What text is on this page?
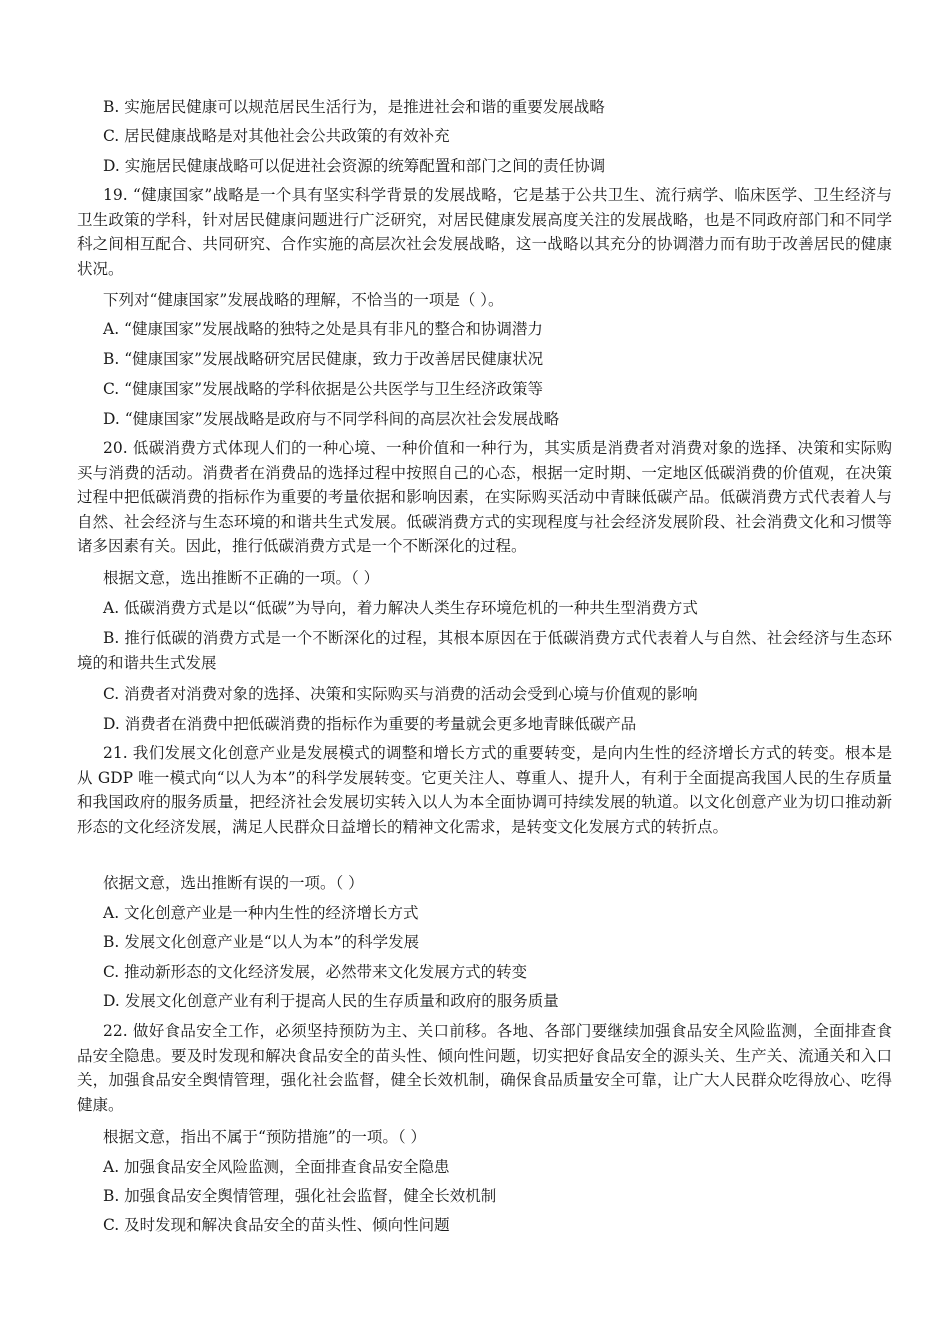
B. 实施居民健康可以规范居民生活行为，是推进社会和谐的重要发展战略
C. 居民健康战略是对其他社会公共政策的有效补充
D. 实施居民健康战略可以促进社会资源的统筹配置和部门之间的责任协调
19. “健康国家”战略是一个具有坚实科学背景的发展战略，它是基于公共卫生、流行病学、临床医学、卫生经济与卫生政策的学科，针对居民健康问题进行广泛研究，对居民健康发展高度关注的发展战略，也是不同政府部门和不同学科之间相互配合、共同研究、合作实施的高层次社会发展战略，这一战略以其充分的协调潜力而有助于改善居民的健康状况。
下列对“健康国家”发展战略的理解，不恰当的一项是（ ）。
A. “健康国家”发展战略的独特之处是具有非凡的整合和协调潜力
B. “健康国家”发展战略研究居民健康，致力于改善居民健康状况
C. “健康国家”发展战略的学科依据是公共医学与卫生经济政策等
D. “健康国家”发展战略是政府与不同学科间的高层次社会发展战略
20. 低碳消费方式体现人们的一种心境、一种价值和一种行为，其实质是消费者对消费对象的选择、决策和实际购买与消费的活动。消费者在消费品的选择过程中按照自己的心态，根据一定时期、一定地区低碳消费的价值观，在决策过程中把低碳消费的指标作为重要的考量依据和影响因素，在实际购买活动中青睐低碳产品。低碳消费方式代表着人与自然、社会经济与生态环境的和谐共生式发展。低碳消费方式的实现程度与社会经济发展阶段、社会消费文化和习惯等诸多因素有关。因此，推行低碳消费方式是一个不断深化的过程。
根据文意，选出推断不正确的一项。（ ）
A. 低碳消费方式是以“低碳”为导向，着力解决人类生存环境危机的一种共生型消费方式
B. 推行低碳的消费方式是一个不断深化的过程，其根本原因在于低碳消费方式代表着人与自然、社会经济与生态环境的和谐共生式发展
C. 消费者对消费对象的选择、决策和实际购买与消费的活动会受到心境与价值观的影响
D. 消费者在消费中把低碳消费的指标作为重要的考量就会更多地青睐低碳产品
21. 我们发展文化创意产业是发展模式的调整和增长方式的重要转变，是向内生性的经济增长方式的转变。根本是从 GDP 唯一模式向“以人为本”的科学发展转变。它更关注人、尊重人、提升人，有利于全面提高我国人民的生存质量和我国政府的服务质量，把经济社会发展切实转入以人为本全面协调可持续发展的轨道。以文化创意产业为切口推动新形态的文化经济发展，满足人民群众日益增长的精神文化需求，是转变文化发展方式的转折点。
依据文意，选出推断有误的一项。（ ）
A. 文化创意产业是一种内生性的经济增长方式
B. 发展文化创意产业是“以人为本”的科学发展
C. 推动新形态的文化经济发展，必然带来文化发展方式的转变
D. 发展文化创意产业有利于提高人民的生存质量和政府的服务质量
22. 做好食品安全工作，必须坚持预防为主、关口前移。各地、各部门要继续加强食品安全风险监测，全面排查食品安全隐患。要及时发现和解决食品安全的苗头性、倾向性问题，切实把好食品安全的源头关、生产关、流通关和入口关，加强食品安全舆情管理，强化社会监督，健全长效机制，确保食品质量安全可靠，让广大人民群众吃得放心、吃得健康。
根据文意，指出不属于“预防措施”的一项。（ ）
A. 加强食品安全风险监测，全面排查食品安全隐患
B. 加强食品安全舆情管理，强化社会监督，健全长效机制
C. 及时发现和解决食品安全的苗头性、倾向性问题
